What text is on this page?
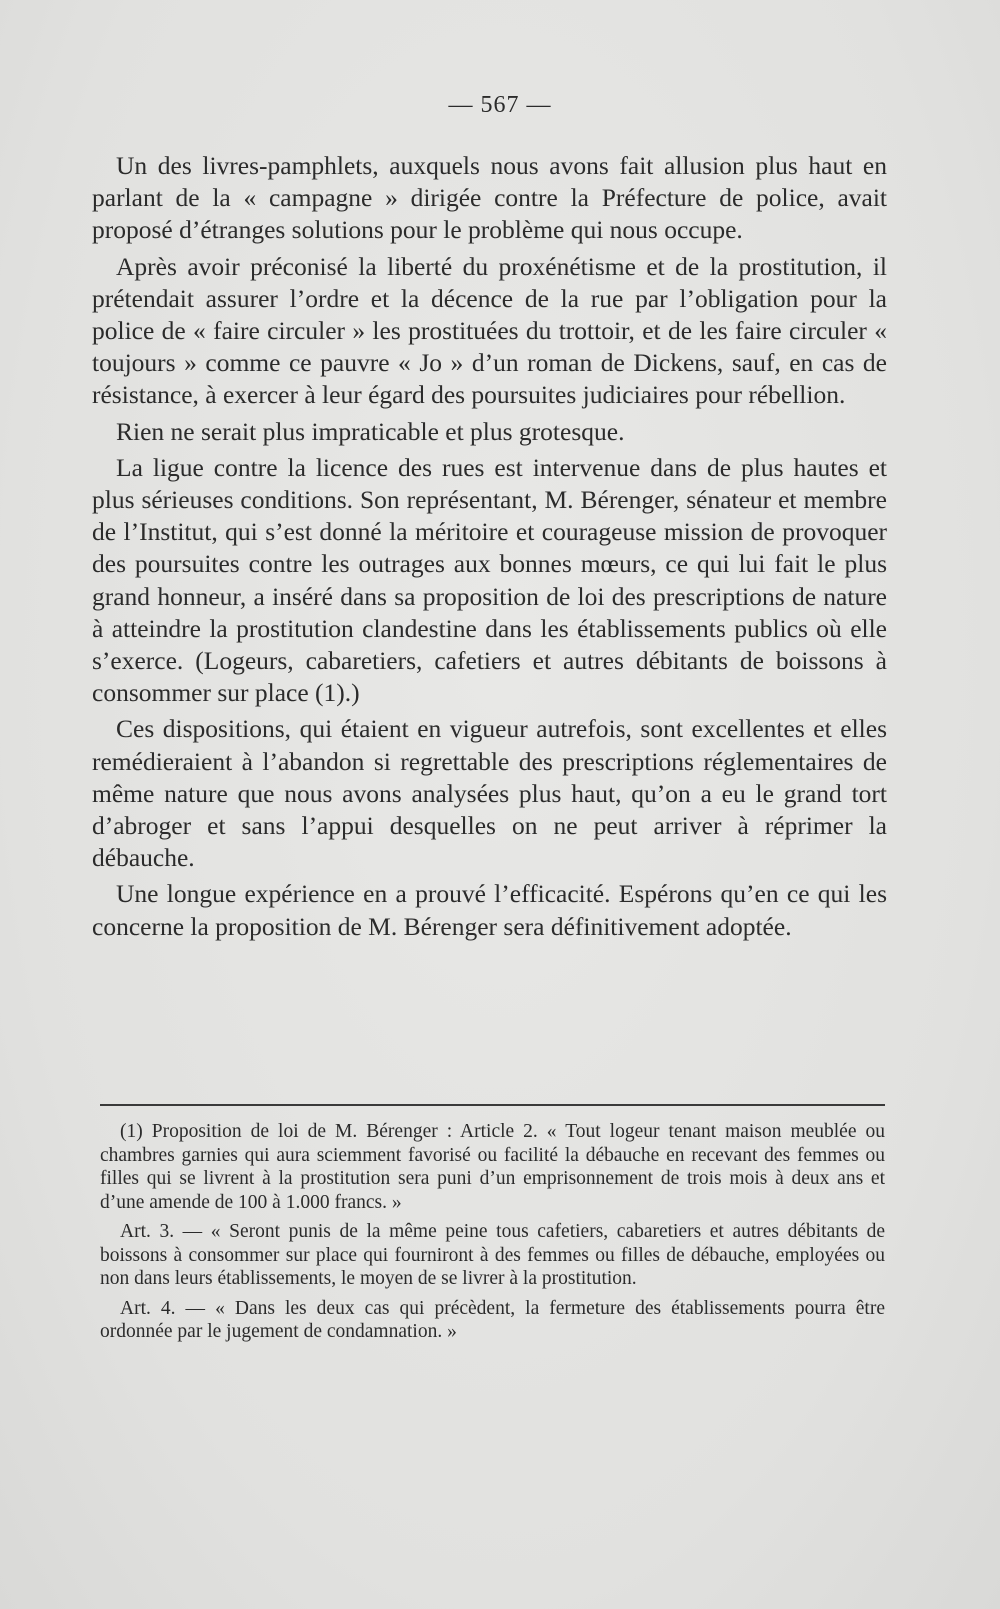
— 567 —

Un des livres-pamphlets, auxquels nous avons fait allusion plus haut en parlant de la « campagne » dirigée contre la Préfecture de police, avait proposé d’étranges solutions pour le problème qui nous occupe.

Après avoir préconisé la liberté du proxénétisme et de la prostitution, il prétendait assurer l’ordre et la décence de la rue par l’obligation pour la police de « faire circuler » les prostituées du trottoir, et de les faire circuler « toujours » comme ce pauvre « Jo » d’un roman de Dickens, sauf, en cas de résistance, à exercer à leur égard des poursuites judiciaires pour rébellion.

Rien ne serait plus impraticable et plus grotesque.

La ligue contre la licence des rues est intervenue dans de plus hautes et plus sérieuses conditions. Son représentant, M. Bérenger, sénateur et membre de l’Institut, qui s’est donné la méritoire et courageuse mission de provoquer des poursuites contre les outrages aux bonnes mœurs, ce qui lui fait le plus grand honneur, a inséré dans sa proposition de loi des prescriptions de nature à atteindre la prostitution clandestine dans les établissements publics où elle s’exerce. (Logeurs, cabaretiers, cafetiers et autres débitants de boissons à consommer sur place (1).)

Ces dispositions, qui étaient en vigueur autrefois, sont excellentes et elles remédieraient à l’abandon si regrettable des prescriptions réglementaires de même nature que nous avons analysées plus haut, qu’on a eu le grand tort d’abroger et sans l’appui desquelles on ne peut arriver à réprimer la débauche.

Une longue expérience en a prouvé l’efficacité. Espérons qu’en ce qui les concerne la proposition de M. Bérenger sera définitivement adoptée.

(1) Proposition de loi de M. Bérenger : Article 2. « Tout logeur tenant maison meublée ou chambres garnies qui aura sciemment favorisé ou facilité la débauche en recevant des femmes ou filles qui se livrent à la prostitution sera puni d’un emprisonnement de trois mois à deux ans et d’une amende de 100 à 1.000 francs. »

Art. 3. — « Seront punis de la même peine tous cafetiers, cabaretiers et autres débitants de boissons à consommer sur place qui fourniront à des femmes ou filles de débauche, employées ou non dans leurs établissements, le moyen de se livrer à la prostitution.

Art. 4. — « Dans les deux cas qui précèdent, la fermeture des établissements pourra être ordonnée par le jugement de condamnation. »
